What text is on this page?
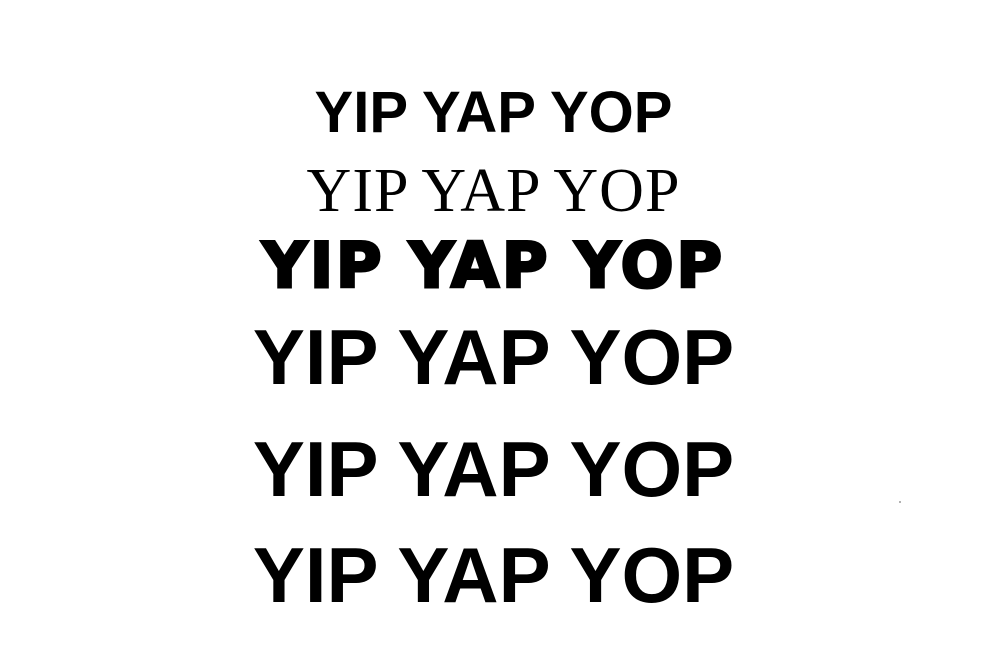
YIP YAP YOP
YIP YAP YOP
YIP YAP YOP
YIP YAP YOP
YIP YAP YOP
YIP YAP YOP
